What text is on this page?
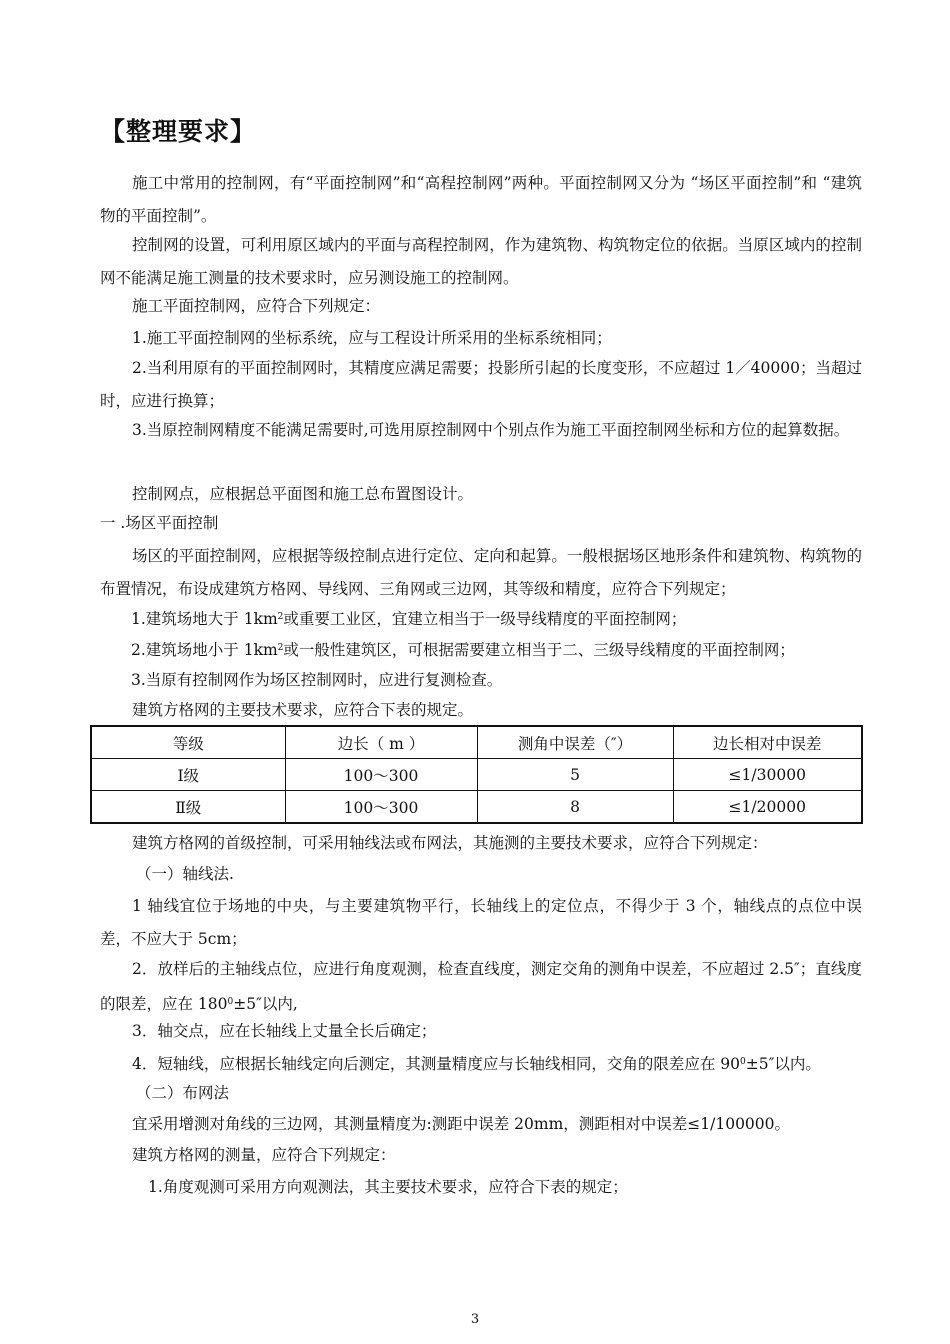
【整理要求】

施工中常用的控制网，有“平面控制网”和“高程控制网”两种。平面控制网又分为 “场区平面控制”和 “建筑物的平面控制”。

控制网的设置，可利用原区域内的平面与高程控制网，作为建筑物、构筑物定位的依据。当原区域内的控制网不能满足施工测量的技术要求时，应另测设施工的控制网。

施工平面控制网，应符合下列规定：

1.施工平面控制网的坐标系统，应与工程设计所采用的坐标系统相同；

2.当利用原有的平面控制网时，其精度应满足需要；投影所引起的长度变形，不应超过 1／40000；当超过时，应进行换算；

3.当原控制网精度不能满足需要时,可选用原控制网中个别点作为施工平面控制网坐标和方位的起算数据。

控制网点，应根据总平面图和施工总布置图设计。

一 .场区平面控制

场区的平面控制网，应根据等级控制点进行定位、定向和起算。一般根据场区地形条件和建筑物、构筑物的布置情况，布设成建筑方格网、导线网、三角网或三边网，其等级和精度，应符合下列规定；

1.建筑场地大于 $1km^2$或重要工业区，宜建立相当于一级导线精度的平面控制网；

2.建筑场地小于 $1km^2$或一般性建筑区，可根据需要建立相当于二、三级导线精度的平面控制网；

3.当原有控制网作为场区控制网时，应进行复测检查。

建筑方格网的主要技术要求，应符合下表的规定。

等级	边长（ m ）	测角中误差（″）	边长相对中误差
Ⅰ级	100～300	5	≤1/30000
Ⅱ级	100～300	8	≤1/20000

建筑方格网的首级控制，可采用轴线法或布网法，其施测的主要技术要求，应符合下列规定：

（一）轴线法.

1 轴线宜位于场地的中央，与主要建筑物平行，长轴线上的定位点，不得少于 3 个，轴线点的点位中误差，不应大于 5cm；

2．放样后的主轴线点位，应进行角度观测，检查直线度，测定交角的测角中误差，不应超过 2.5″；直线度的限差，应在 $180^0\pm 5''$以内,

3．轴交点，应在长轴线上丈量全长后确定；

4．短轴线，应根据长轴线定向后测定，其测量精度应与长轴线相同，交角的限差应在 $90^0\pm 5''$以内。

（二）布网法

宜采用增测对角线的三边网，其测量精度为:测距中误差 20mm，测距相对中误差≤1/100000。

建筑方格网的测量，应符合下列规定：

1.角度观测可采用方向观测法，其主要技术要求，应符合下表的规定；

3
